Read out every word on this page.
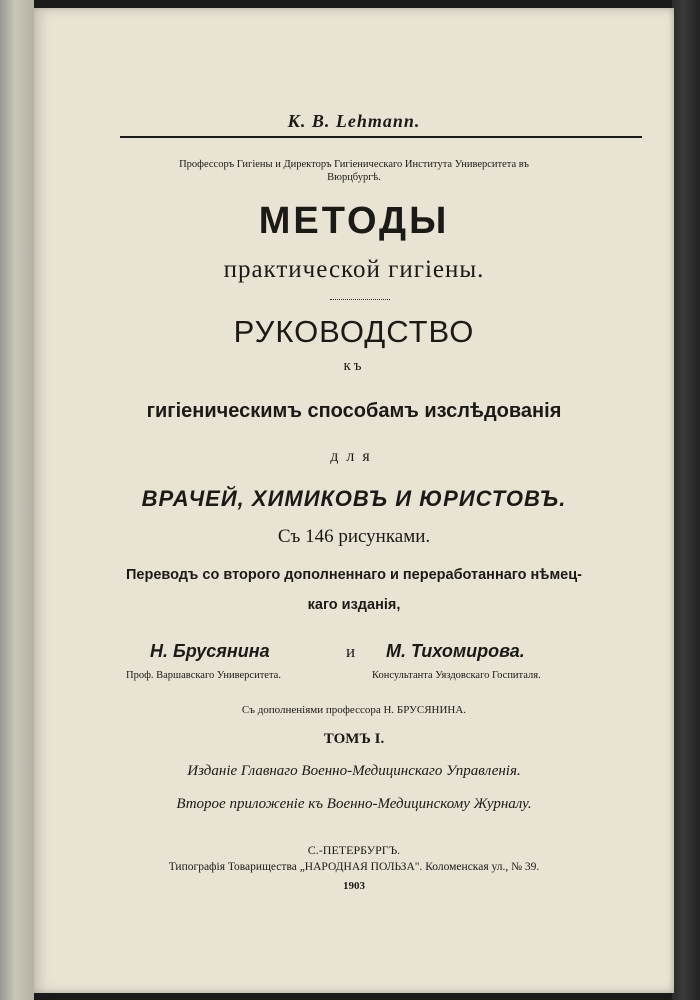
К. В. Lehmann.
Профессоръ Гигіены и Директоръ Гигіеническаго Института Университета въ
Вюрцбургѣ.
МЕТОДЫ
практической гигіены.
РУКОВОДСТВО
къ
гигіеническимъ способамъ изслѣдованія
для
ВРАЧЕЙ, ХИМИКОВЪ И ЮРИСТОВЪ.
Съ 146 рисунками.
Переводъ со второго дополненнаго и переработаннаго нѣмец-
каго изданія,
Н. Брусянина	и М. Тихомирова.
Проф. Варшавскаго Университета.	Консультанта Уяздовскаго Госпиталя.
Съ дополненіями профессора Н. БРУСЯНИНА.
ТОМЪ I.
Изданіе Главнаго Военно-Медицинскаго Управленія.
Второе приложеніе къ Военно-Медицинскому Журналу.
С.-ПЕТЕРБУРГЪ.
Типографія Товарищества „НАРОДНАЯ ПОЛЬЗА". Коломенская ул., № 39.
1903
